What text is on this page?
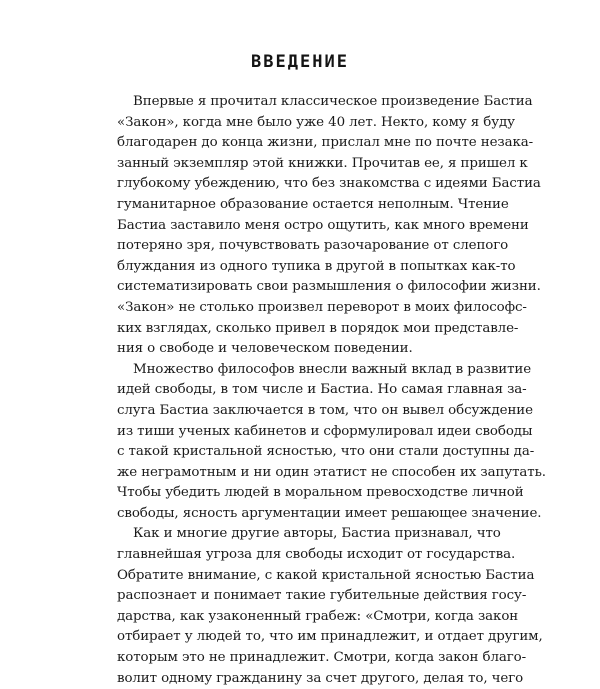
ВВЕДЕНИЕ
Впервые я прочитал классическое произведение Бастиа
«Закон», когда мне было уже 40 лет. Некто, кому я буду
благодарен до конца жизни, прислал мне по почте незака-
занный экземпляр этой книжки. Прочитав ее, я пришел к
глубокому убеждению, что без знакомства с идеями Бастиа
гуманитарное образование остается неполным. Чтение
Бастиа заставило меня остро ощутить, как много времени
потеряно зря, почувствовать разочарование от слепого
блуждания из одного тупика в другой в попытках как-то
систематизировать свои размышления о философии жизни.
«Закон» не столько произвел переворот в моих философс-
ких взглядах, сколько привел в порядок мои представле-
ния о свободе и человеческом поведении.
Множество философов внесли важный вклад в развитие
идей свободы, в том числе и Бастиа. Но самая главная за-
слуга Бастиа заключается в том, что он вывел обсуждение
из тиши ученых кабинетов и сформулировал идеи свободы
с такой кристальной ясностью, что они стали доступны да-
же неграмотным и ни один этатист не способен их запутать.
Чтобы убедить людей в моральном превосходстве личной
свободы, ясность аргументации имеет решающее значение.
Как и многие другие авторы, Бастиа признавал, что
главнейшая угроза для свободы исходит от государства.
Обратите внимание, с какой кристальной ясностью Бастиа
распознает и понимает такие губительные действия госу-
дарства, как узаконенный грабеж: «Смотри, когда закон
отбирает у людей то, что им принадлежит, и отдает другим,
которым это не принадлежит. Смотри, когда закон благо-
волит одному гражданину за счет другого, делая то, чего
